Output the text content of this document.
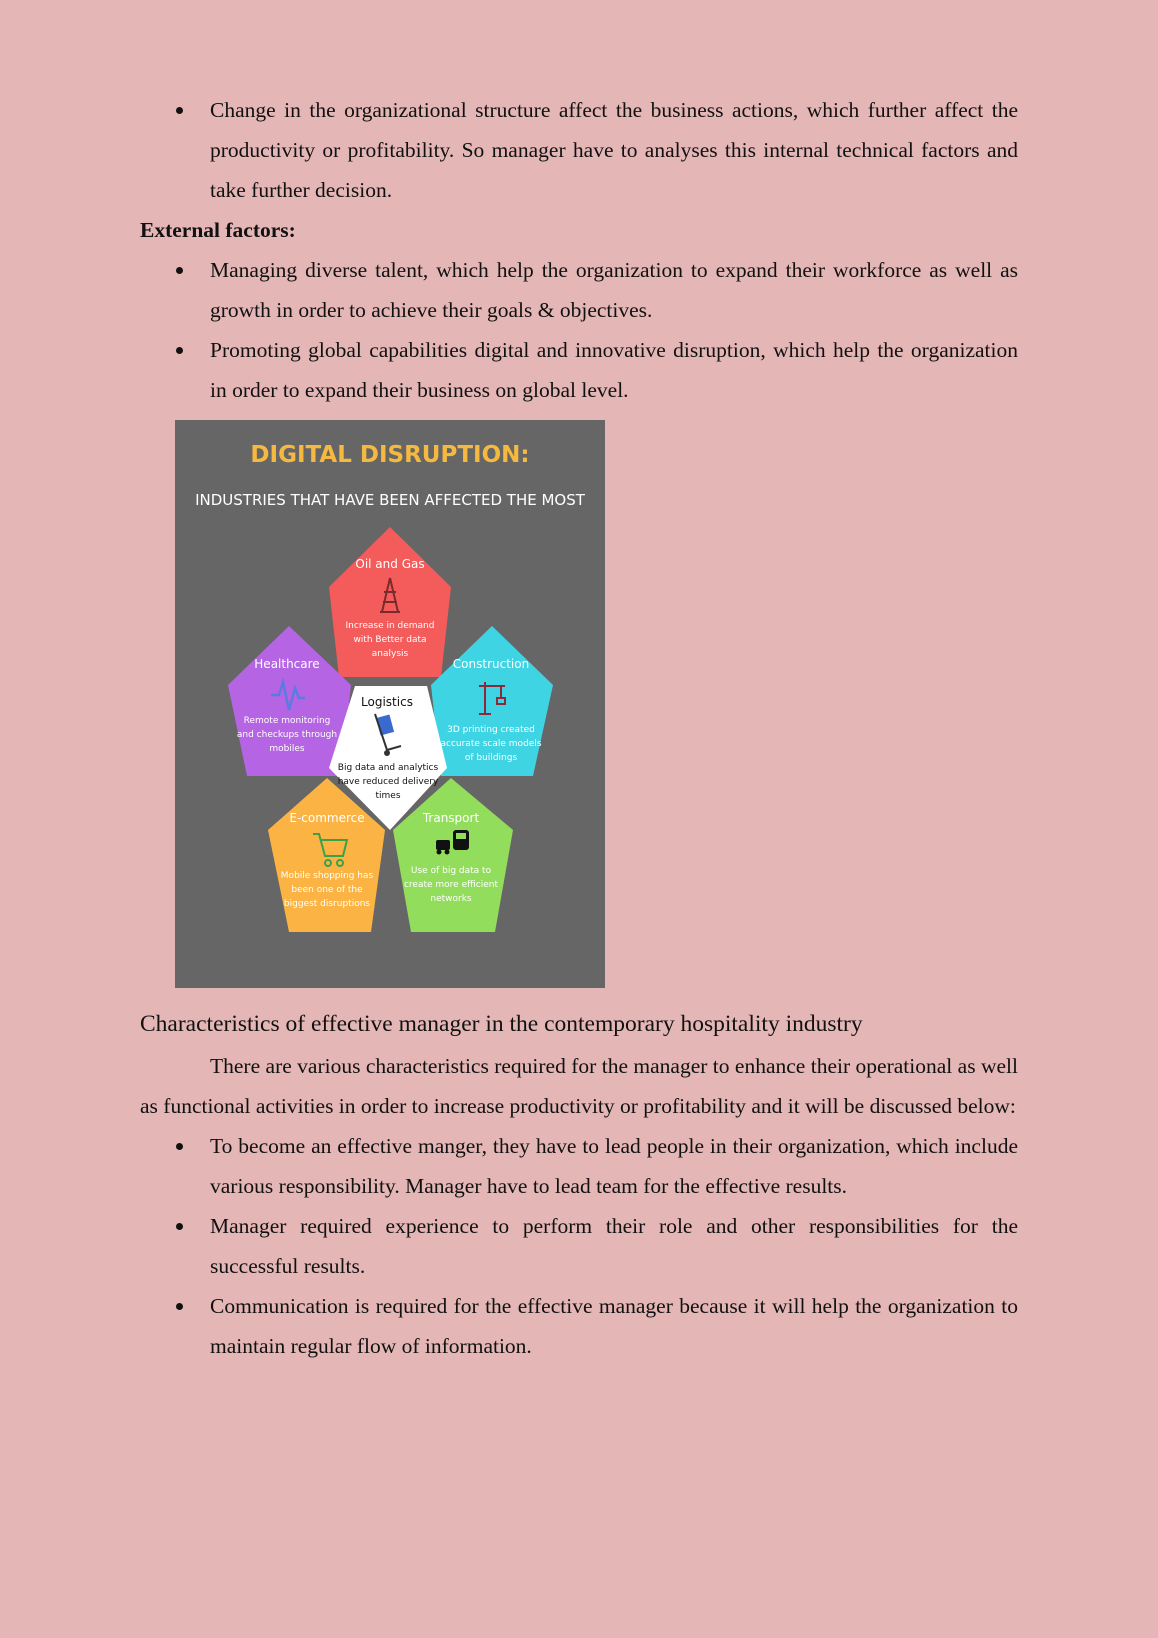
Change in the organizational structure affect the business actions, which further affect the productivity or profitability. So manager have to analyses this internal technical factors and take further decision.

External factors:

Managing diverse talent, which help the organization to expand their workforce as well as growth in order to achieve their goals & objectives.
Promoting global capabilities digital and innovative disruption, which help the organization in order to expand their business on global level.
DIGITAL DISRUPTION:
INDUSTRIES THAT HAVE BEEN AFFECTED THE MOST
Oil and Gas
Increase in demand
with Better data
analysis
Healthcare
Remote monitoring
and checkups through
mobiles
Construction
3D printing created
accurate scale models
of buildings
Logistics
Big data and analytics
have reduced delivery
times
E-commerce
Mobile shopping has
been one of the
biggest disruptions
Transport
Use of big data to
create more efficient
networks
Characteristics of effective manager in the contemporary hospitality industry

There are various characteristics required for the manager to enhance their operational as well as functional activities in order to increase productivity or profitability and it will be discussed below:

To become an effective manger, they have to lead people in their organization, which include various responsibility. Manager have to lead team for the effective results.
Manager required experience to perform their role and other responsibilities for the successful results.
Communication is required for the effective manager because it will help the organization to maintain regular flow of information.
